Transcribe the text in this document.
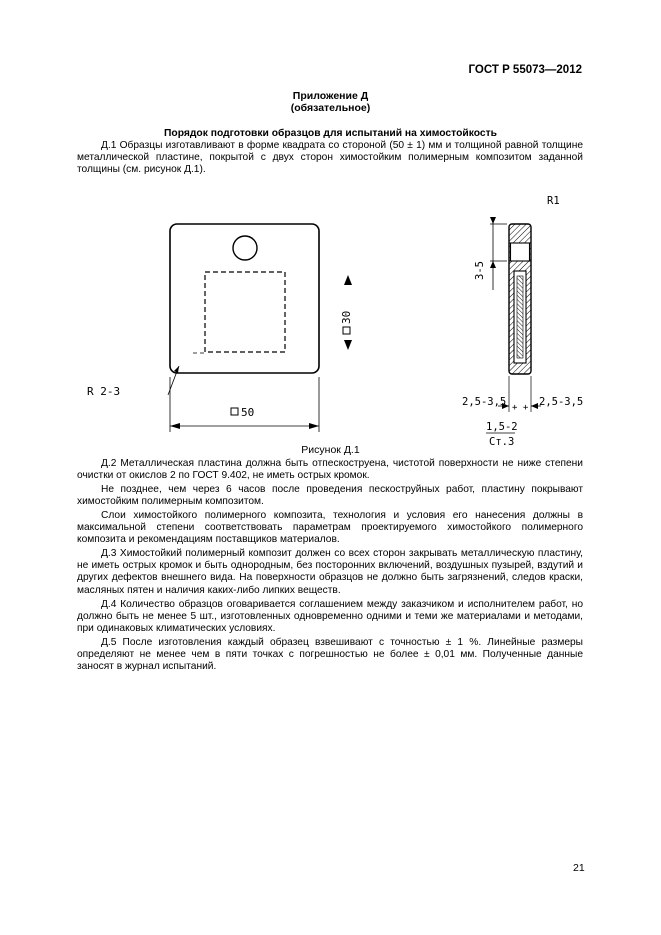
ГОСТ Р 55073—2012
Приложение Д
(обязательное)
Порядок подготовки образцов для испытаний на химостойкость

Д.1 Образцы изготавливают в форме квадрата со стороной (50 ± 1) мм и толщиной равной толщине металлической пластине, покрытой с двух сторон химостойким полимерным композитом заданной толщины (см. рисунок Д.1).

R 2-3
50
30
R1
3-5
+ +
2,5-3,5	2,5-3,5
1,5-2
Ст.3
Рисунок Д.1

Д.2 Металлическая пластина должна быть отпескоструена, чистотой поверхности не ниже степени очистки от окислов 2 по ГОСТ 9.402, не иметь острых кромок.

Не позднее, чем через 6 часов после проведения пескоструйных работ, пластину покрывают химостойким полимерным композитом.

Слои химостойкого полимерного композита, технология и условия его нанесения должны в максимальной степени соответствовать параметрам проектируемого химостойкого полимерного композита и рекомендациям поставщиков материалов.

Д.3 Химостойкий полимерный композит должен со всех сторон закрывать металлическую пластину, не иметь острых кромок и быть однородным, без посторонних включений, воздушных пузырей, вздутий и других дефектов внешнего вида. На поверхности образцов не должно быть загрязнений, следов краски, масляных пятен и наличия каких-либо липких веществ.

Д.4 Количество образцов оговаривается соглашением между заказчиком и исполнителем работ, но должно быть не менее 5 шт., изготовленных одновременно одними и теми же материалами и методами, при одинаковых климатических условиях.

Д.5 После изготовления каждый образец взвешивают с точностью ± 1 %. Линейные размеры определяют не менее чем в пяти точках с погрешностью не более ± 0,01 мм. Полученные данные заносят в журнал испытаний.

21
